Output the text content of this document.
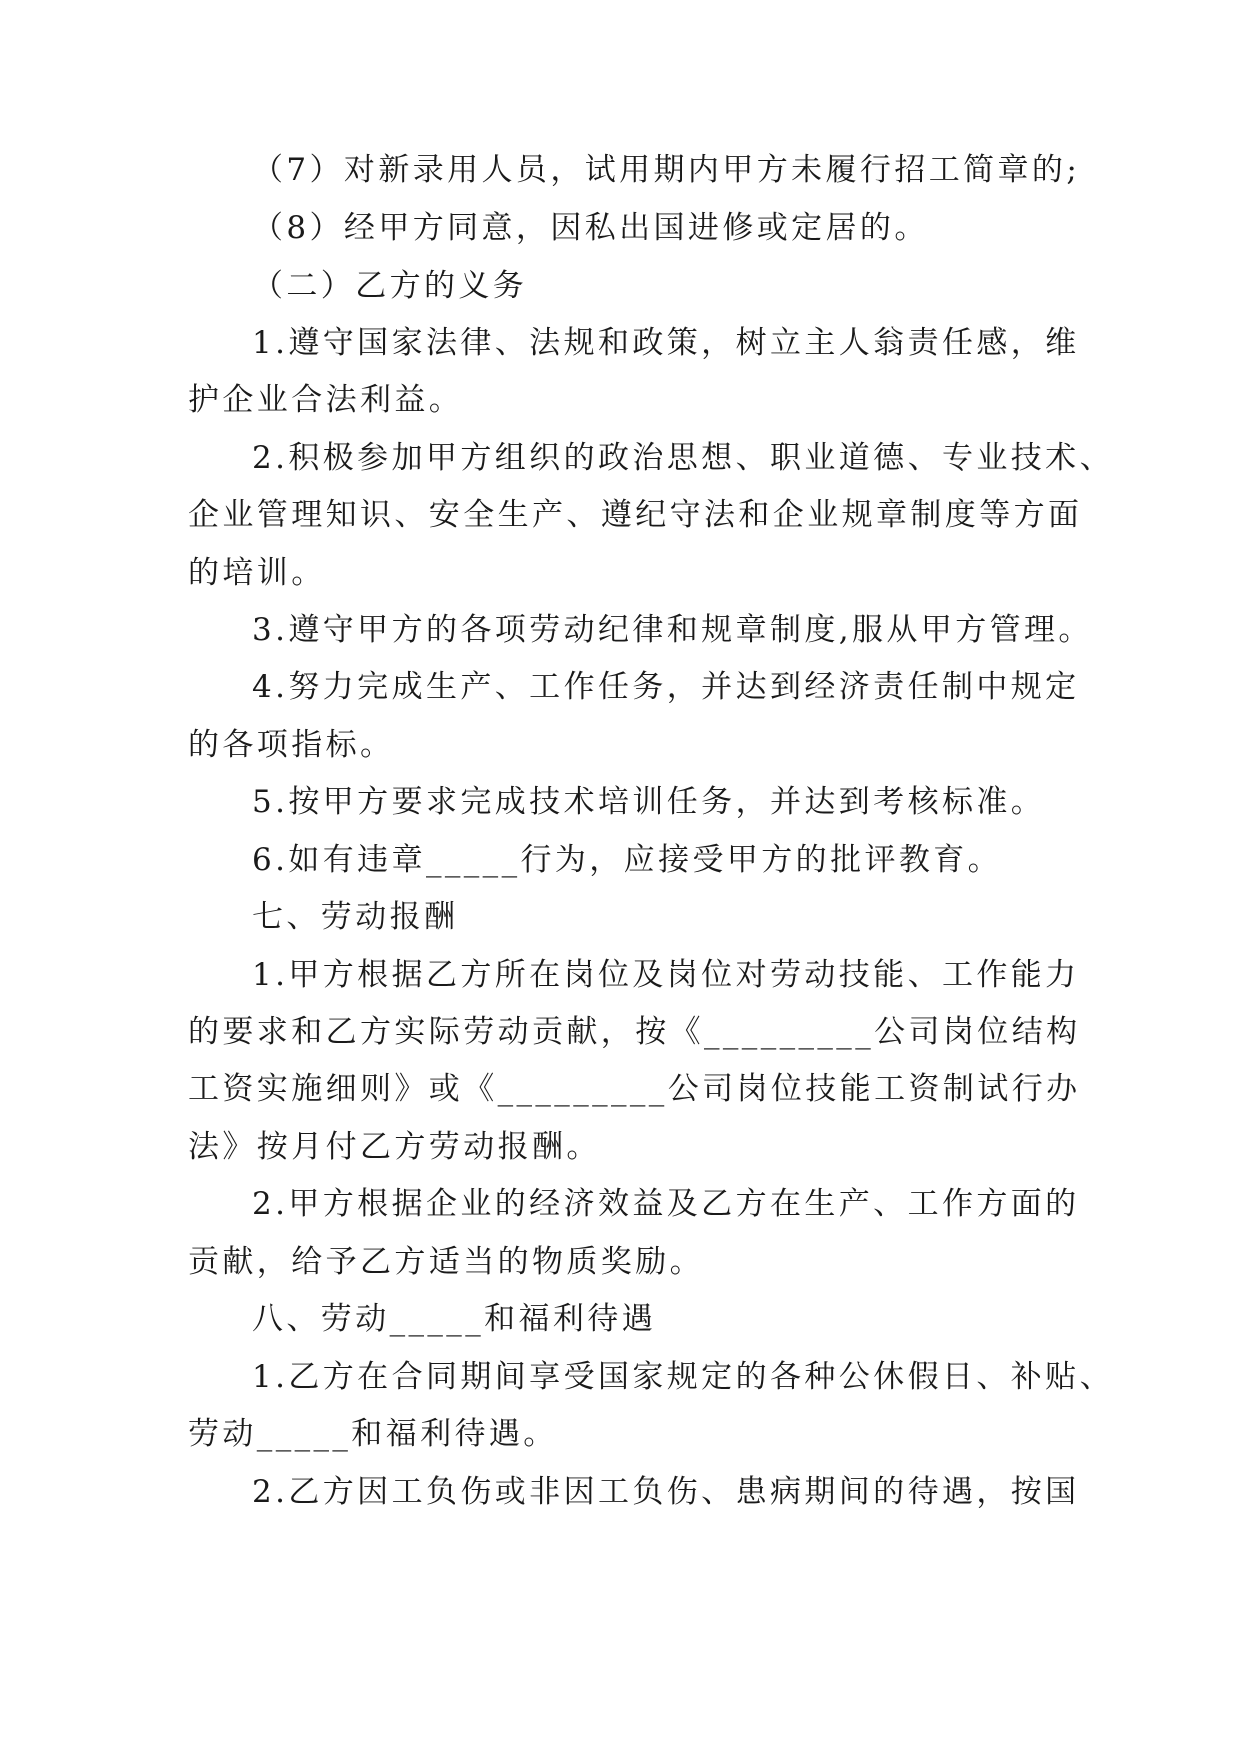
（7）对新录用人员，试用期内甲方未履行招工简章的;
（8）经甲方同意，因私出国进修或定居的。
（二）乙方的义务
1.遵守国家法律、法规和政策，树立主人翁责任感，维
护企业合法利益。
2.积极参加甲方组织的政治思想、职业道德、专业技术、
企业管理知识、安全生产、遵纪守法和企业规章制度等方面
的培训。
3.遵守甲方的各项劳动纪律和规章制度,服从甲方管理。
4.努力完成生产、工作任务，并达到经济责任制中规定
的各项指标。
5.按甲方要求完成技术培训任务，并达到考核标准。
6.如有违章_____行为，应接受甲方的批评教育。
七、劳动报酬
1.甲方根据乙方所在岗位及岗位对劳动技能、工作能力
的要求和乙方实际劳动贡献，按《_________公司岗位结构
工资实施细则》或《_________公司岗位技能工资制试行办
法》按月付乙方劳动报酬。
2.甲方根据企业的经济效益及乙方在生产、工作方面的
贡献，给予乙方适当的物质奖励。
八、劳动_____和福利待遇
1.乙方在合同期间享受国家规定的各种公休假日、补贴、
劳动_____和福利待遇。
2.乙方因工负伤或非因工负伤、患病期间的待遇，按国
